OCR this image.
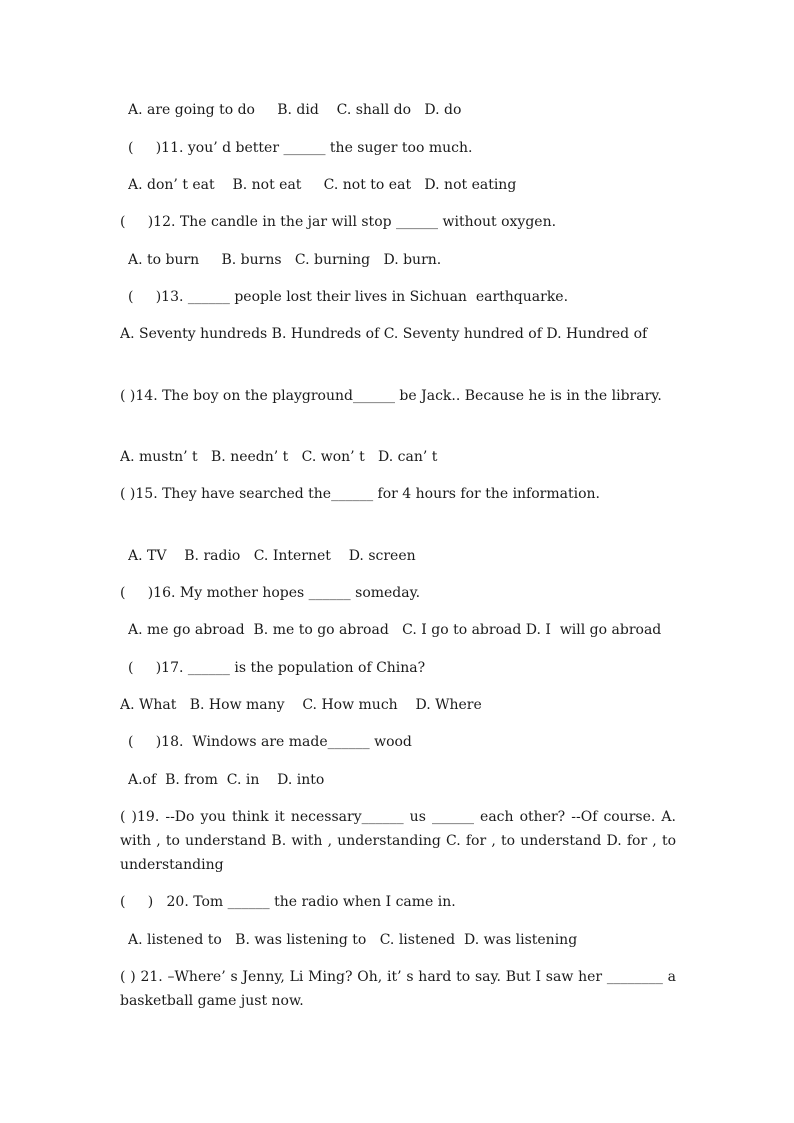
A. are going to do     B. did    C. shall do   D. do
(     )11. you’ d better ______ the suger too much.
A. don’ t eat    B. not eat     C. not to eat   D. not eating
(     )12. The candle in the jar will stop ______ without oxygen.
A. to burn     B. burns   C. burning   D. burn.
(     )13. ______ people lost their lives in Sichuan  earthquarke.
A. Seventy hundreds B. Hundreds of C. Seventy hundred of D. Hundred of
( )14. The boy on the playground______ be Jack.. Because he is in the library.
A. mustn’ t   B. needn’ t   C. won’ t   D. can’ t
( )15. They have searched the______ for 4 hours for the information.
A. TV    B. radio   C. Internet    D. screen
(     )16. My mother hopes ______ someday.
A. me go abroad  B. me to go abroad   C. I go to abroad D. I  will go abroad
(     )17. ______ is the population of China?
A. What   B. How many    C. How much    D. Where
(     )18.  Windows are made______ wood
A.of  B. from  C. in    D. into
( )19. --Do you think it necessary______ us ______ each other? --Of course. A. with , to understand B. with , understanding C. for , to understand D. for , to understanding
(     )   20. Tom ______ the radio when I came in.
A. listened to   B. was listening to   C. listened  D. was listening
( ) 21. –Where’ s Jenny, Li Ming? Oh, it’ s hard to say. But I saw her ________ a basketball game just now.
